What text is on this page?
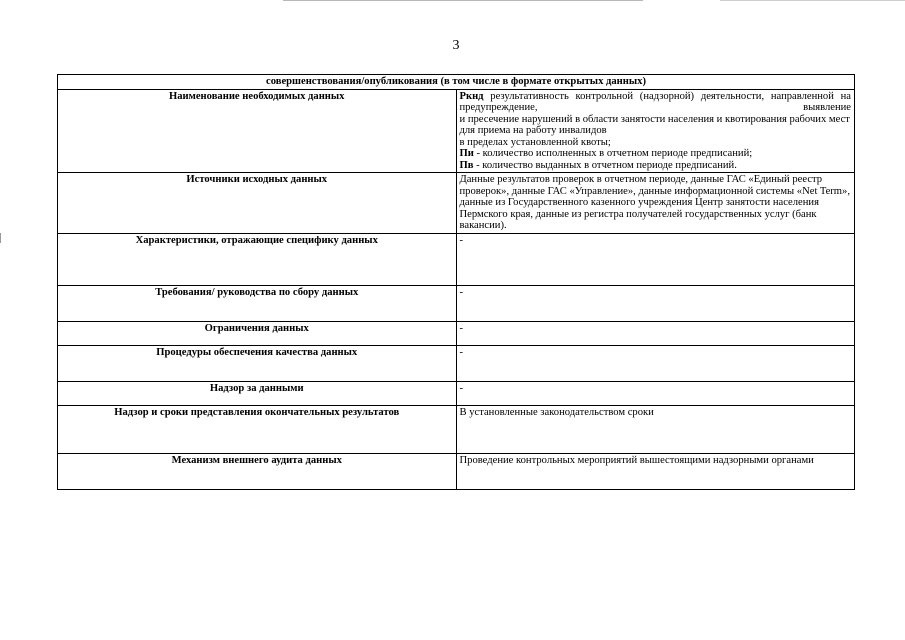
3
совершенствования/опубликования (в том числе в формате открытых данных)	
Наименование необходимых данных	Ркнд результативность контрольной (надзорной) деятельности, направленной на предупреждение, выявление
и пресечение нарушений в области занятости населения и квотирования рабочих мест для приема на работу инвалидов
в пределах установленной квоты;
Пи - количество исполненных в отчетном периоде предписаний;
Пв - количество выданных в отчетном периоде предписаний.

Источники исходных данных	Данные результатов проверок в отчетном периоде, данные ГАС «Единый реестр проверок», данные ГАС «Управление», данные информационной системы «Net Term», данные из Государственного казенного учреждения Центр занятости населения Пермского края, данные из регистра получателей государственных услуг (банк вакансии).
Характеристики, отражающие специфику данных	-
Требования/ руководства по сбору данных	-
Ограничения данных	-
Процедуры обеспечения качества данных	-
Надзор за данными	-
Надзор и сроки представления окончательных результатов	В установленные законодательством сроки
Механизм внешнего аудита данных	Проведение контрольных мероприятий вышестоящими надзорными органами
